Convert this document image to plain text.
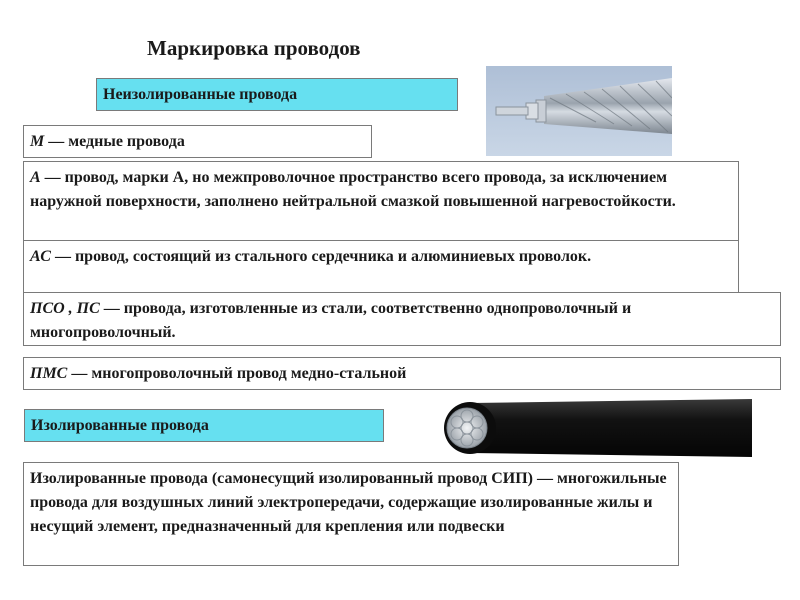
Маркировка проводов
Неизолированные провода
М — медные провода
А — провод, марки А, но межпроволочное пространство всего провода, за исключением наружной поверхности, заполнено нейтральной смазкой повышенной нагревостойкости.
АС — провод, состоящий из стального сердечника и алюминиевых проволок.
ПСО , ПС — провода, изготовленные из стали, соответственно однопроволочный и многопроволочный.
ПМС — многопроволочный провод медно-стальной
Изолированные провода
Изолированные провода (самонесущий изолированный провод СИП) — многожильные провода для воздушных линий электропередачи, содержащие изолированные жилы и несущий элемент, предназначенный для крепления или подвески
